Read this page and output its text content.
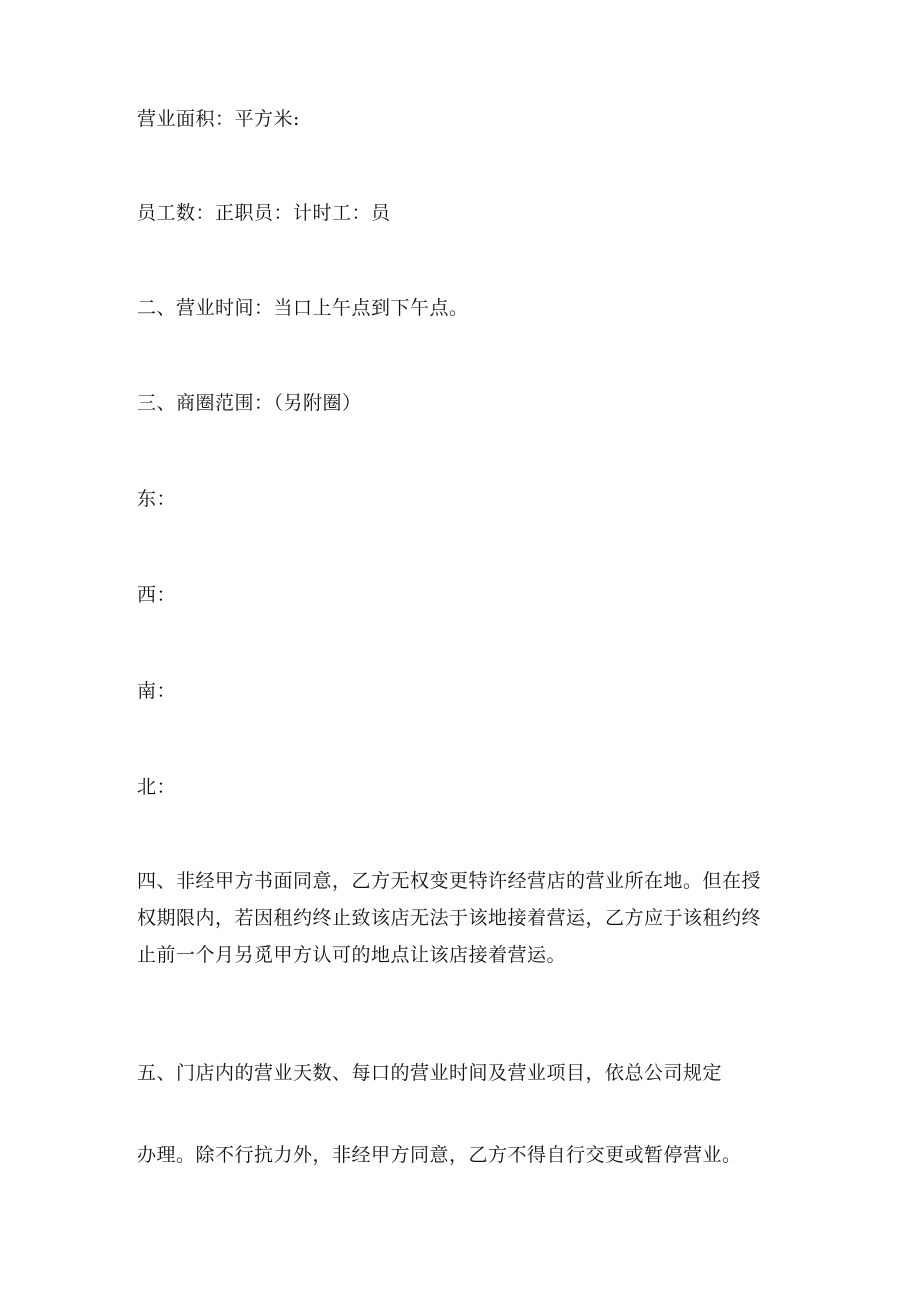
营业面积：平方米:

员工数：正职员：计时工：员

二、营业时间：当口上午点到下午点。

三、商圈范围：（另附圈）

东：

西：

南：

北：

四、非经甲方书面同意，乙方无权变更特许经营店的营业所在地。但在授
权期限内，若因租约终止致该店无法于该地接着营运，乙方应于该租约终
止前一个月另觅甲方认可的地点让该店接着营运。

五、门店内的营业天数、每口的营业时间及营业项目，依总公司规定

办理。除不行抗力外，非经甲方同意，乙方不得自行交更或暂停营业。
